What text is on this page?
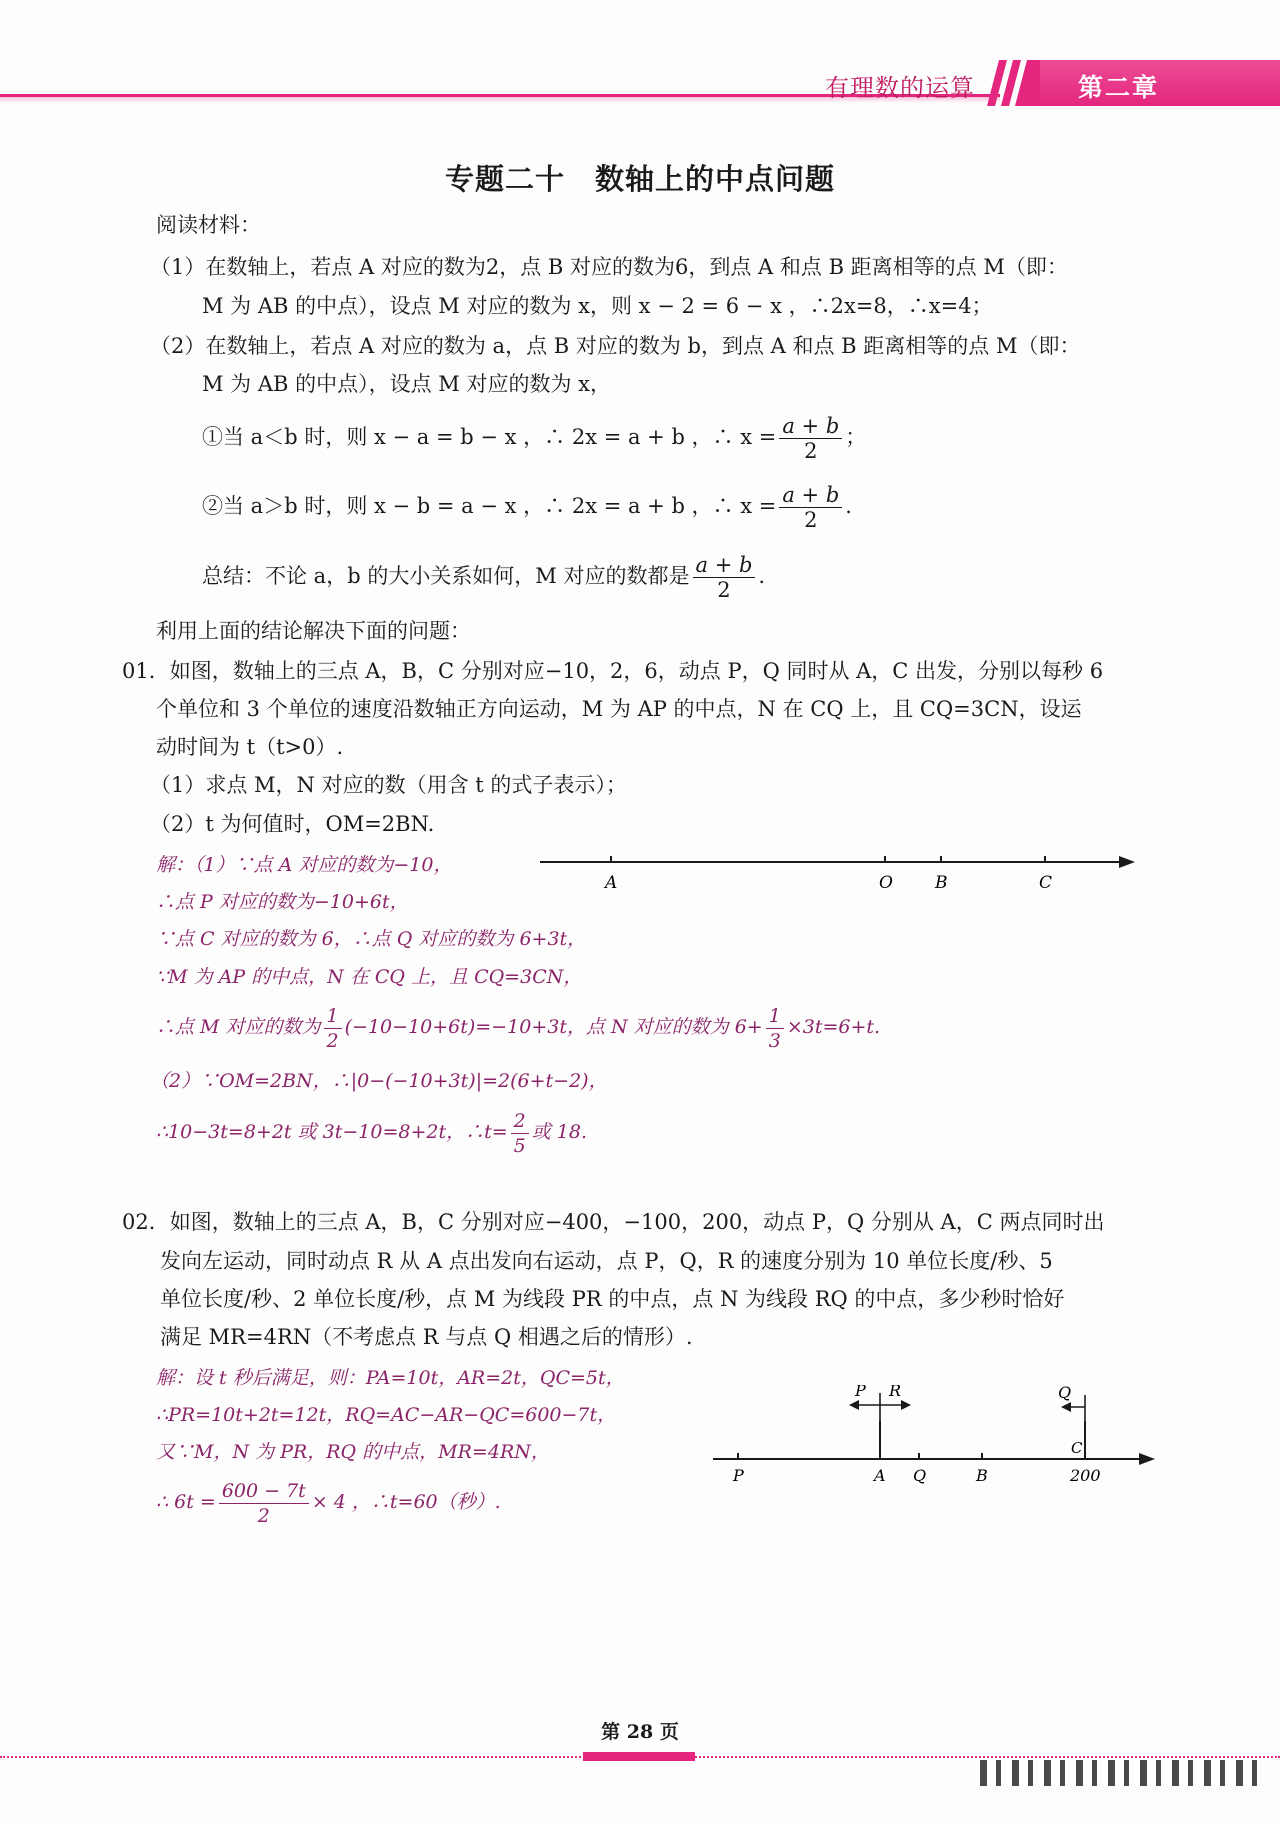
有理数的运算	第二章
专题二十　数轴上的中点问题
阅读材料：
（1）在数轴上，若点 A 对应的数为2，点 B 对应的数为6，到点 A 和点 B 距离相等的点 M（即：
M 为 AB 的中点），设点 M 对应的数为 x，则 x − 2 = 6 − x ，∴2x=8，∴x=4；
（2）在数轴上，若点 A 对应的数为 a，点 B 对应的数为 b，到点 A 和点 B 距离相等的点 M（即：
M 为 AB 的中点），设点 M 对应的数为 x，
①当 a＜b 时，则 x − a = b − x ，∴ 2x = a + b ，∴ $x = \frac{a + b}{2}$ ；
②当 a＞b 时，则 x − b = a − x ，∴ 2x = a + b ，∴ $x = \frac{a + b}{2}$ .
总结：不论 a，b 的大小关系如何，M 对应的数都是 $\frac{a + b}{2}$ .
利用上面的结论解决下面的问题：
01．如图，数轴上的三点 A，B，C 分别对应−10，2，6，动点 P，Q 同时从 A，C 出发，分别以每秒 6
个单位和 3 个单位的速度沿数轴正方向运动，M 为 AP 的中点，N 在 CQ 上，且 CQ=3CN，设运
动时间为 t（t>0）.
（1）求点 M，N 对应的数（用含 t 的式子表示）；
（2）t 为何值时，OM=2BN.
解：（1）∵点 A 对应的数为−10，
∴点 P 对应的数为−10+6t，
∵点 C 对应的数为 6，∴点 Q 对应的数为 6+3t，
∵M 为 AP 的中点，N 在 CQ 上，且 CQ=3CN，
∴点 M 对应的数为 $\frac{1}{2} (-10-10+6t)=-10+3t$，点 N 对应的数为 $6+ \frac{1}{3} \times 3t=6+t$.
（2）∵OM=2BN，∴|0−(−10+3t)|=2(6+t−2)，
∴10−3t=8+2t 或 3t−10=8+2t，∴t= $\frac{2}{5}$ 或 18.
A	O B	C
02．如图，数轴上的三点 A，B，C 分别对应−400，−100，200，动点 P，Q 分别从 A，C 两点同时出
发向左运动，同时动点 R 从 A 点出发向右运动，点 P，Q，R 的速度分别为 10 单位长度/秒、5
单位长度/秒、2 单位长度/秒，点 M 为线段 PR 的中点，点 N 为线段 RQ 的中点，多少秒时恰好
满足 MR=4RN（不考虑点 R 与点 Q 相遇之后的情形）.
解：设 t 秒后满足，则：PA=10t，AR=2t，QC=5t，
∴PR=10t+2t=12t，RQ=AC−AR−QC=600−7t，
又∵M，N 为 PR，RQ 的中点，MR=4RN，
∴ $6t = \frac{600 - 7t}{2} \times 4$ ，∴t=60（秒）.
P R	Q
C
P	A Q	B	200
第 28 页
